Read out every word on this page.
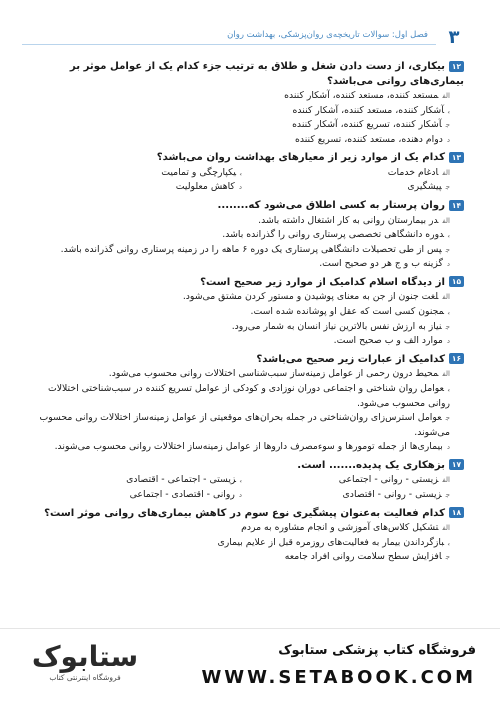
۳
فصل اول: سوالات تاریخچه‌ی روان‌پزشکی، بهداشت روان
۱۲بیکاری، از دست دادن شغل و طلاق به ترتیب جزء کدام یک از عوامل موثر بر بیماری‌های روانی می‌باشد؟
الفمستعد کننده، مستعد کننده، آشکار کننده
بآشکار کننده، مستعد کننده، آشکار کننده
جآشکار کننده، تسریع کننده، آشکار کننده
ددوام دهنده، مستعد کننده، تسریع کننده
۱۳کدام یک از موارد زیر از معیارهای بهداشت روان می‌باشد؟
الفادغام خدمات
بیکپارچگی و تمامیت
جپیشگیری
دکاهش معلولیت
۱۴روان پرستار به کسی اطلاق می‌شود که........
الفدر بیمارستان روانی به کار اشتغال داشته باشد.
بدوره دانشگاهی تخصصی پرستاری روانی را گذرانده باشد.
جپس از طی تحصیلات دانشگاهی پرستاری یک دوره ۶ ماهه را در زمینه پرستاری روانی گذرانده باشد.
دگزینه ب و ج هر دو صحیح است.
۱۵از دیدگاه اسلام کدامیک از موارد زیر صحیح است؟
الفلغت جنون از جن به معنای پوشیدن و مستور کردن مشتق می‌شود.
بمجنون کسی است که عقل او پوشانده شده است.
جنیاز به ارزش نفس بالاترین نیاز انسان به شمار می‌رود.
دموارد الف و ب صحیح است.
۱۶کدامیک از عبارات زیر صحیح می‌باشد؟
الفمحیط درون رحمی از عوامل زمینه‌ساز سبب‌شناسی اختلالات روانی محسوب می‌شود.
بعوامل روان شناختی و اجتماعی دوران نوزادی و کودکی از عوامل تسریع کننده در سبب‌شناختی اختلالات روانی محسوب می‌شود.
جعوامل استرس‌زای روان‌شناختی در جمله بحران‌های موقعیتی از عوامل زمینه‌ساز اختلالات روانی محسوب می‌شوند.
دبیماری‌ها از جمله تومورها و سوءمصرف داروها از عوامل زمینه‌ساز اختلالات روانی محسوب می‌شوند.
۱۷بزهکاری یک پدیده....... است.
الفزیستی - روانی - اجتماعی
بزیستی - اجتماعی - اقتصادی
جزیستی - روانی - اقتصادی
دروانی - اقتصادی - اجتماعی
۱۸کدام فعالیت به‌عنوان پیشگیری نوع سوم در کاهش بیماری‌های روانی موثر است؟
الفتشکیل کلاس‌های آموزشی و انجام مشاوره به مردم
ببازگرداندن بیمار به فعالیت‌های روزمره قبل از علایم بیماری
جافزایش سطح سلامت روانی افراد جامعه
ستابوک
فروشگاه اینترنتی کتاب
فروشگاه کتاب پزشکی ستابوک
WWW.SETABOOK.COM
